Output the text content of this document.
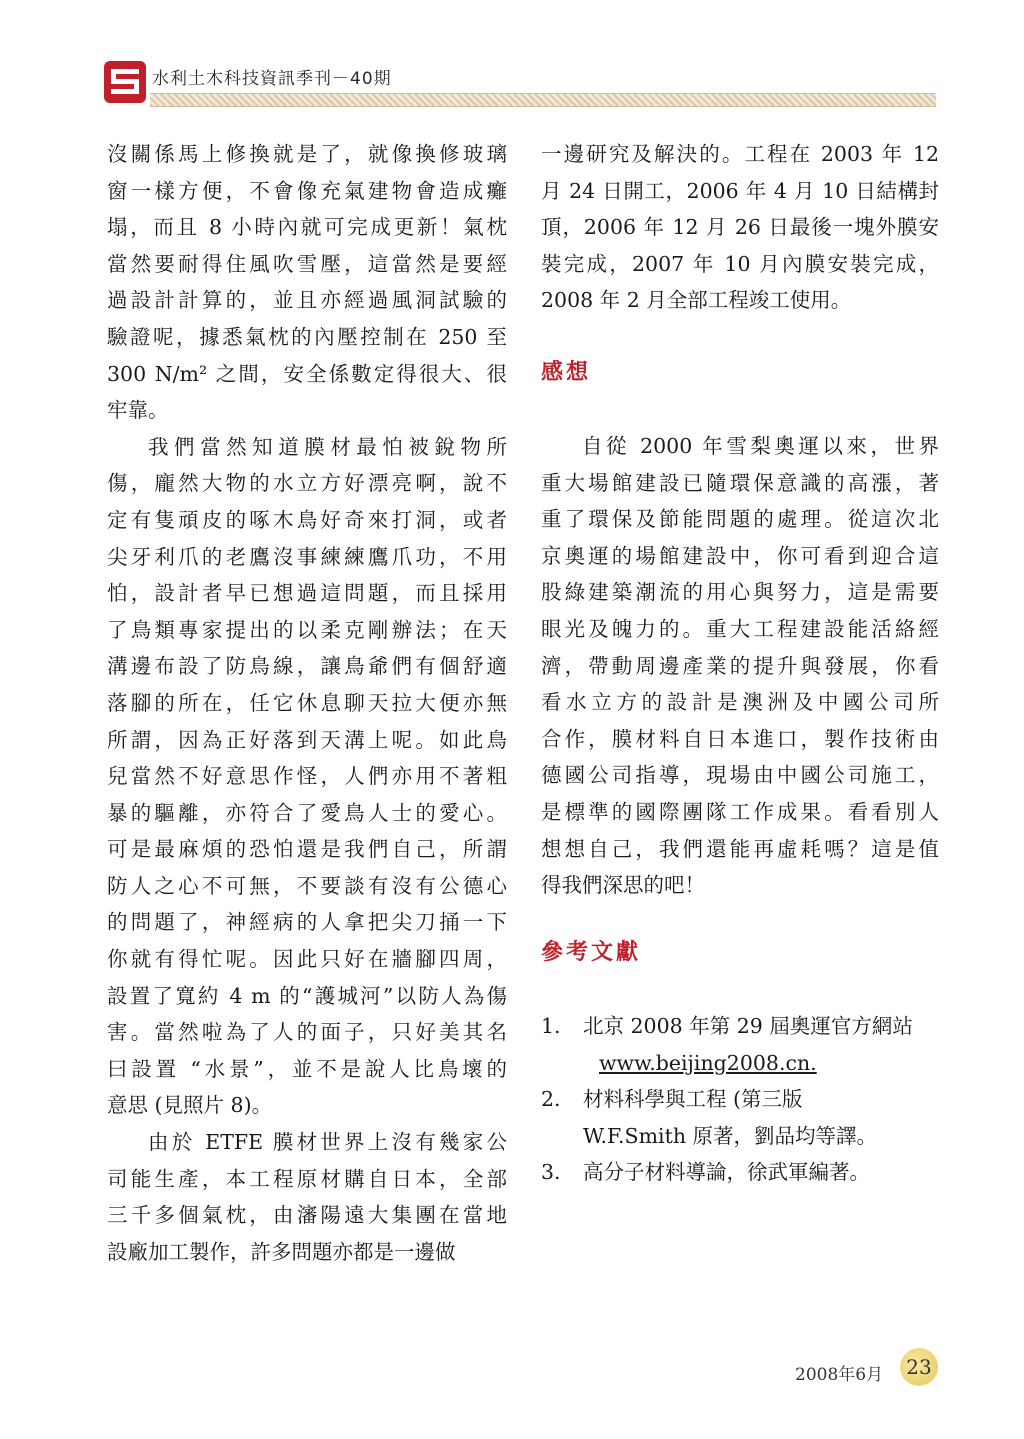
水利土木科技資訊季刊－40期
沒關係馬上修換就是了，就像換修玻璃
窗一樣方便，不會像充氣建物會造成癱
塌，而且 8 小時內就可完成更新！氣枕
當然要耐得住風吹雪壓，這當然是要經
過設計計算的，並且亦經過風洞試驗的
驗證呢，據悉氣枕的內壓控制在 250 至
300 N/m² 之間，安全係數定得很大、很
牢靠。
我們當然知道膜材最怕被銳物所
傷，龐然大物的水立方好漂亮啊，說不
定有隻頑皮的啄木鳥好奇來打洞，或者
尖牙利爪的老鷹沒事練練鷹爪功，不用
怕，設計者早已想過這問題，而且採用
了鳥類專家提出的以柔克剛辦法；在天
溝邊布設了防鳥線，讓鳥爺們有個舒適
落腳的所在，任它休息聊天拉大便亦無
所謂，因為正好落到天溝上呢。如此鳥
兒當然不好意思作怪，人們亦用不著粗
暴的驅離，亦符合了愛鳥人士的愛心。
可是最麻煩的恐怕還是我們自己，所謂
防人之心不可無，不要談有沒有公德心
的問題了，神經病的人拿把尖刀捅一下
你就有得忙呢。因此只好在牆腳四周，
設置了寬約 4 m 的“護城河”以防人為傷
害。當然啦為了人的面子，只好美其名
曰設置 “水景”，並不是說人比鳥壞的
意思 (見照片 8)。
由於 ETFE 膜材世界上沒有幾家公
司能生產，本工程原材購自日本，全部
三千多個氣枕，由瀋陽遠大集團在當地
設廠加工製作，許多問題亦都是一邊做
一邊研究及解決的。工程在 2003 年 12
月 24 日開工，2006 年 4 月 10 日結構封
頂，2006 年 12 月 26 日最後一塊外膜安
裝完成，2007 年 10 月內膜安裝完成，
2008 年 2 月全部工程竣工使用。
感想
自從 2000 年雪梨奧運以來，世界
重大場館建設已隨環保意識的高漲，著
重了環保及節能問題的處理。從這次北
京奧運的場館建設中，你可看到迎合這
股綠建築潮流的用心與努力，這是需要
眼光及魄力的。重大工程建設能活絡經
濟，帶動周邊產業的提升與發展，你看
看水立方的設計是澳洲及中國公司所
合作，膜材料自日本進口，製作技術由
德國公司指導，現場由中國公司施工，
是標準的國際團隊工作成果。看看別人
想想自己，我們還能再虛耗嗎？這是值
得我們深思的吧！
參考文獻
1. 北京 2008 年第 29 屆奧運官方網站
www.beijing2008.cn.
2. 材料科學與工程 (第三版
W.F.Smith 原著，劉品均等譯。
3. 高分子材料導論，徐武軍編著。
2008年6月	23
